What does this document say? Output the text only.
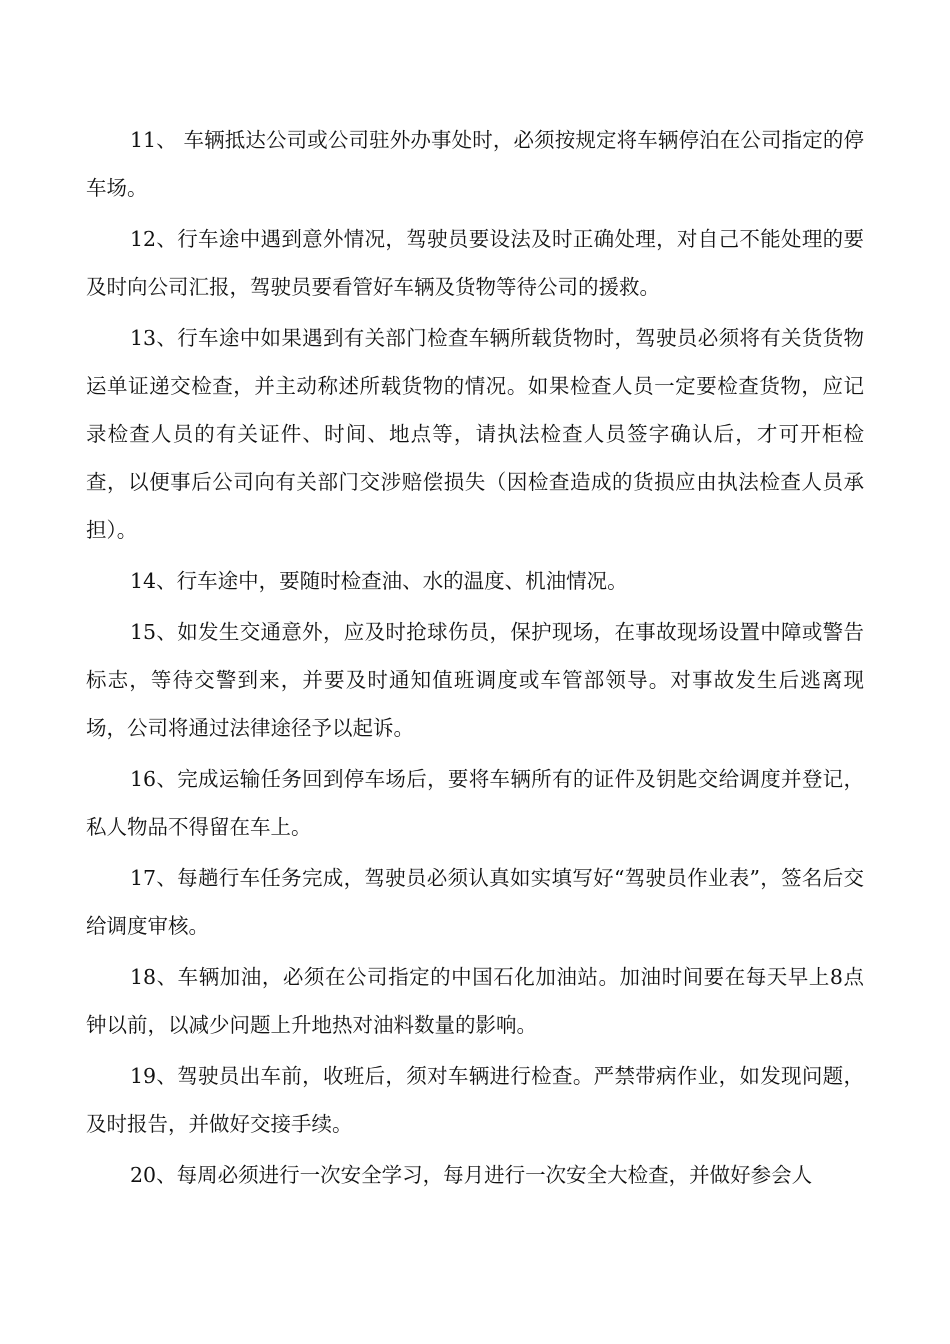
11、 车辆抵达公司或公司驻外办事处时，必须按规定将车辆停泊在公司指定的停车场。

12、行车途中遇到意外情况，驾驶员要设法及时正确处理，对自己不能处理的要及时向公司汇报，驾驶员要看管好车辆及货物等待公司的援救。

13、行车途中如果遇到有关部门检查车辆所载货物时，驾驶员必须将有关货货物运单证递交检查，并主动称述所载货物的情况。如果检查人员一定要检查货物，应记录检查人员的有关证件、时间、地点等，请执法检查人员签字确认后，才可开柜检查，以便事后公司向有关部门交涉赔偿损失（因检查造成的货损应由执法检查人员承担）。

14、行车途中，要随时检查油、水的温度、机油情况。

15、如发生交通意外，应及时抢球伤员，保护现场，在事故现场设置中障或警告标志，等待交警到来，并要及时通知值班调度或车管部领导。对事故发生后逃离现场，公司将通过法律途径予以起诉。

16、完成运输任务回到停车场后，要将车辆所有的证件及钥匙交给调度并登记，私人物品不得留在车上。

17、每趟行车任务完成，驾驶员必须认真如实填写好“驾驶员作业表”，签名后交给调度审核。

18、车辆加油，必须在公司指定的中国石化加油站。加油时间要在每天早上8点钟以前，以减少问题上升地热对油料数量的影响。

19、驾驶员出车前，收班后，须对车辆进行检查。严禁带病作业，如发现问题，及时报告，并做好交接手续。

20、每周必须进行一次安全学习，每月进行一次安全大检查，并做好参会人
